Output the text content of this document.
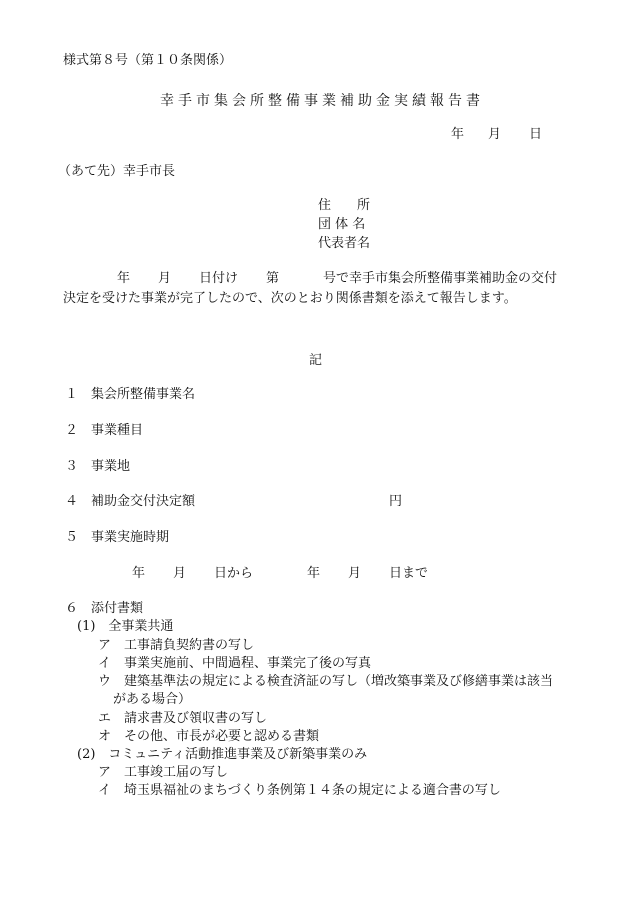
様式第８号（第１０条関係）
幸手市集会所整備事業補助金実績報告書
年 月 日
（あて先）幸手市長
住　　所
団 体 名
代表者名
年 月 日付け 第	号で幸手市集会所整備事業補助金の交付
決定を受けた事業が完了したので、次のとおり関係書類を添えて報告します。
記
１ 集会所整備事業名
２ 事業種目
３ 事業地
４ 補助金交付決定額	円
５ 事業実施時期
年 月 日から	年 月 日まで
６ 添付書類
(1)　全事業共通
ア　工事請負契約書の写し
イ　事業実施前、中間過程、事業完了後の写真
ウ　建築基準法の規定による検査済証の写し（増改築事業及び修繕事業は該当
がある場合）
エ　請求書及び領収書の写し
オ　その他、市長が必要と認める書類
(2)　コミュニティ活動推進事業及び新築事業のみ
ア　工事竣工届の写し
イ　埼玉県福祉のまちづくり条例第１４条の規定による適合書の写し
